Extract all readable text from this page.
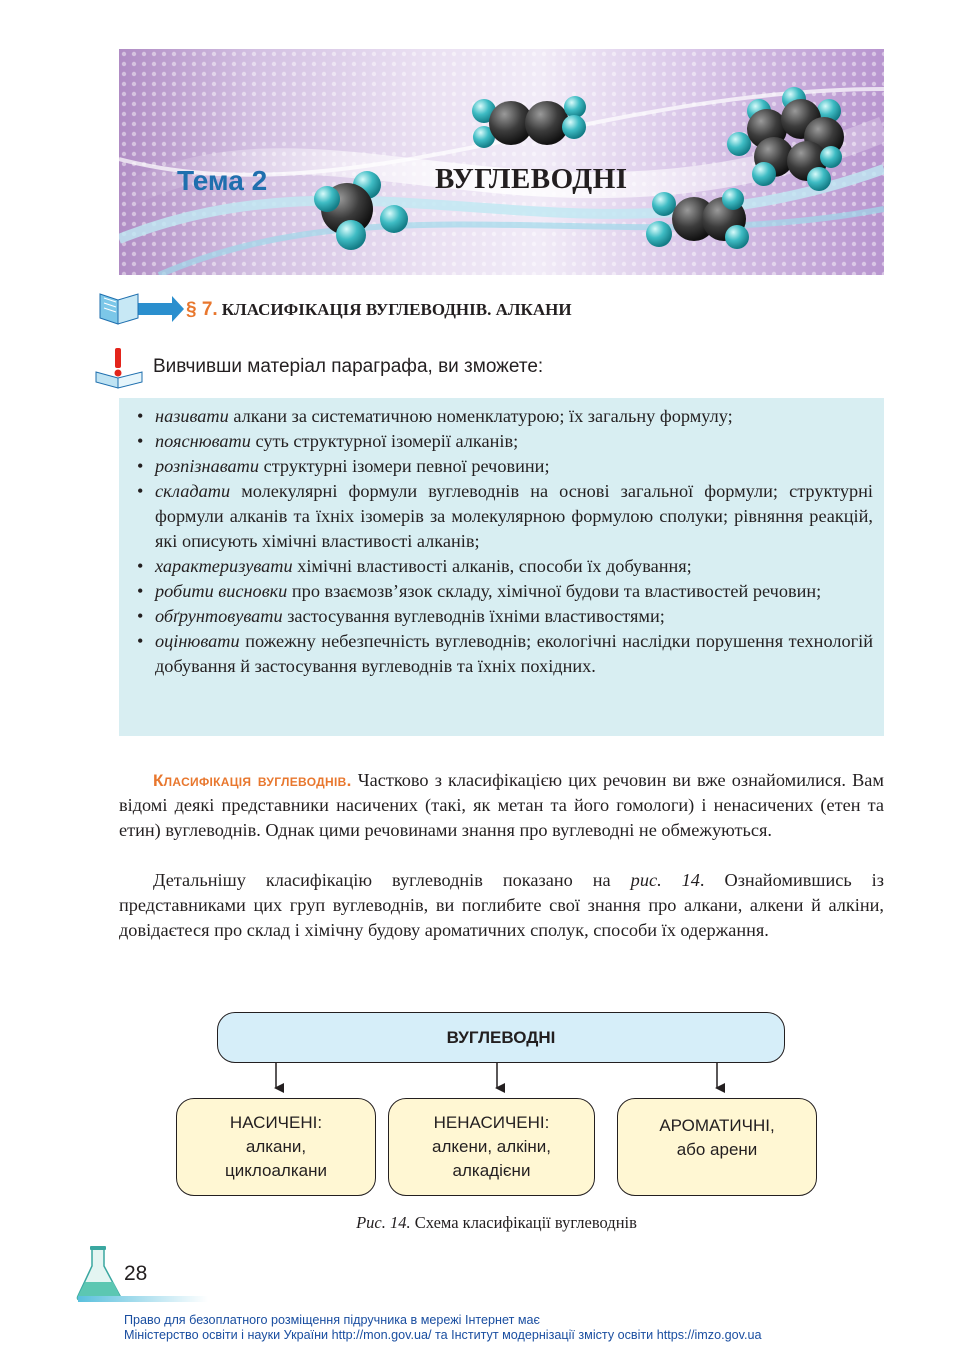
Тема 2	ВУГЛЕВОДНІ
§ 7. КЛАСИФІКАЦІЯ ВУГЛЕВОДНІВ. АЛКАНИ
Вивчивши матеріал параграфа, ви зможете:
• називати алкани за систематичною номенклатурою; їх загальну формулу;
• пояснювати суть структурної ізомерії алканів;
• розпізнавати структурні ізомери певної речовини;
• складати молекулярні формули вуглеводнів на основі загальної формули; структурні формули алканів та їхніх ізомерів за молекулярною формулою сполуки; рівняння реакцій, які описують хімічні властивості алканів;
• характеризувати хімічні властивості алканів, способи їх добування;
• робити висновки про взаємозв’язок складу, хімічної будови та властивостей речовин;
• обґрунтовувати застосування вуглеводнів їхніми властивостями;
• оцінювати пожежну небезпечність вуглеводнів; екологічні наслідки порушення технологій добування й застосування вуглеводнів та їхніх похідних.

Класифікація вуглеводнів. Частково з класифікацією цих речовин ви вже ознайомилися. Вам відомі деякі представники насичених (такі, як метан та його гомологи) і ненасичених (етен та етин) вуглеводнів. Однак цими речовинами знання про вуглеводні не обмежуються.

Детальнішу класифікацію вуглеводнів показано на рис. 14. Ознайомившись із представниками цих груп вуглеводнів, ви поглибите свої знання про алкани, алкени й алкіни, довідаєтеся про склад і хімічну будову ароматичних сполук, способи їх одержання.

ВУГЛЕВОДНІ
НАСИЧЕНІ:
алкани,
циклоалкани
НЕНАСИЧЕНІ:
алкени, алкіни,
алкадієни
АРОМАТИЧНІ,
або арени
Рис. 14. Схема класифікації вуглеводнів
28
Право для безоплатного розміщення підручника в мережі Інтернет має
Міністерство освіти і науки України http://mon.gov.ua/ та Інститут модернізації змісту освіти https://imzo.gov.ua
